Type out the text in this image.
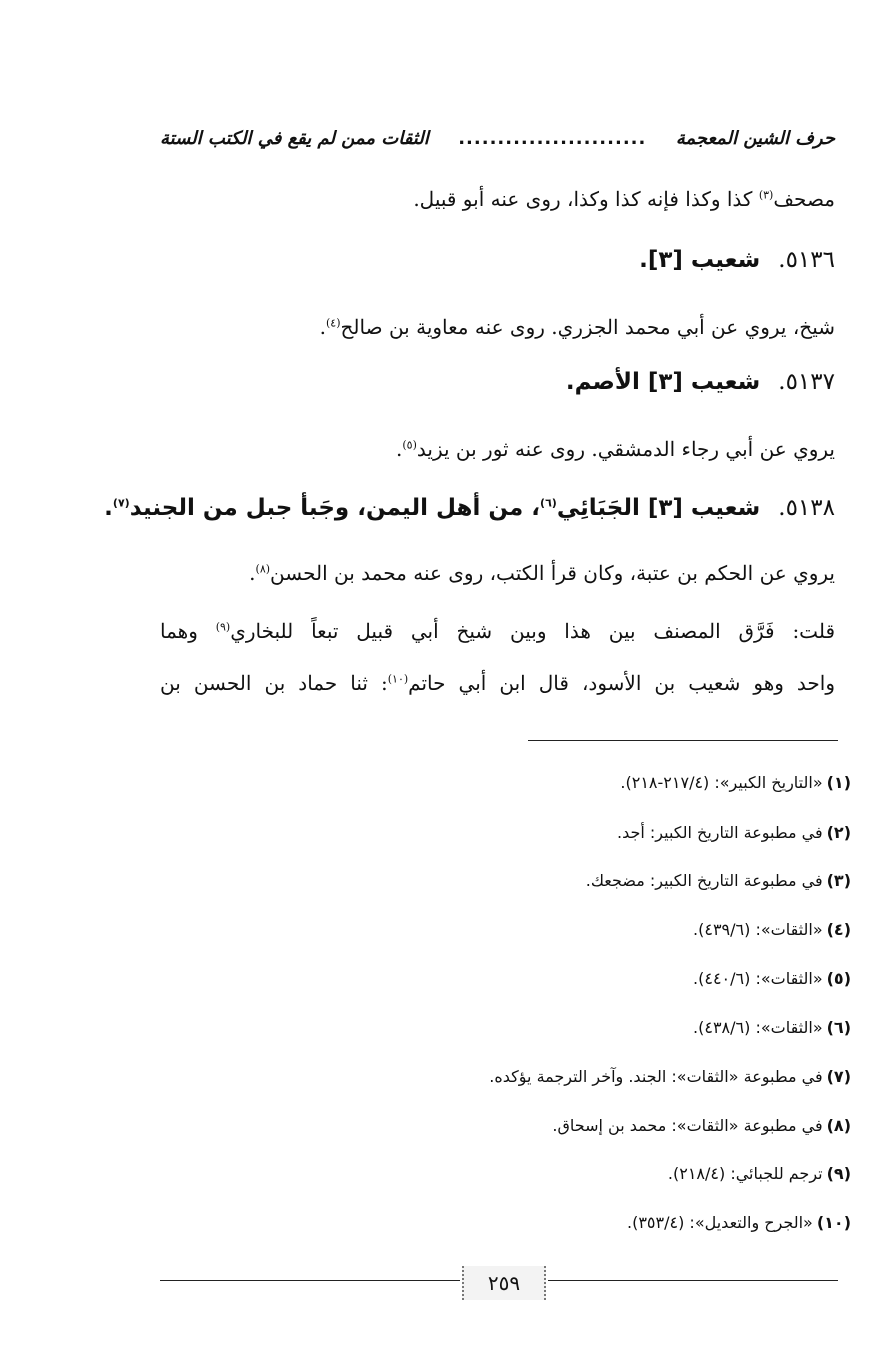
حرف الشين المعجمة
........................
الثقات ممن لم يقع في الكتب الستة
مصحف$^{(٣)}$ كذا وكذا فإنه كذا وكذا، روى عنه أبو قبيل.
٥١٣٦.شعيب [٣].
شيخ، يروي عن أبي محمد الجزري. روى عنه معاوية بن صالح$^{(٤)}$.
٥١٣٧.شعيب [٣] الأصم.
يروي عن أبي رجاء الدمشقي. روى عنه ثور بن يزيد$^{(٥)}$.
٥١٣٨.شعيب [٣] الجَبَائِي$^{(٦)}$، من أهل اليمن، وجَبأ جبل من الجنيد$^{(٧)}$.
يروي عن الحكم بن عتبة، وكان قرأ الكتب، روى عنه محمد بن الحسن$^{(٨)}$.
قلت: فَرَّق المصنف بين هذا وبين شيخ أبي قبيل تبعاً للبخاري$^{(٩)}$ وهما
واحد وهو شعيب بن الأسود، قال ابن أبي حاتم$^{(١٠)}$: ثنا حماد بن الحسن بن
(١)«التاريخ الكبير»: (٢١٧/٤-٢١٨).
(٢)في مطبوعة التاريخ الكبير: أجد.
(٣)في مطبوعة التاريخ الكبير: مضجعك.
(٤)«الثقات»: (٤٣٩/٦).
(٥)«الثقات»: (٤٤٠/٦).
(٦)«الثقات»: (٤٣٨/٦).
(٧)في مطبوعة «الثقات»: الجند. وآخر الترجمة يؤكده.
(٨)في مطبوعة «الثقات»: محمد بن إسحاق.
(٩)ترجم للجبائي: (٢١٨/٤).
(١٠)«الجرح والتعديل»: (٣٥٣/٤).
٢٥٩
